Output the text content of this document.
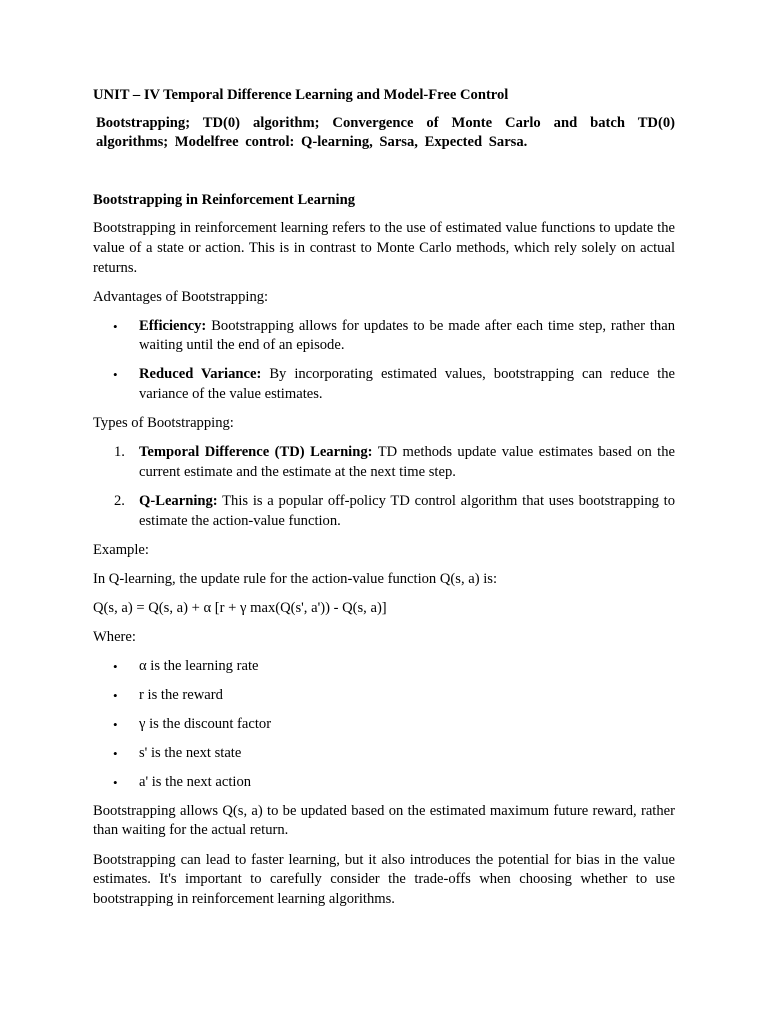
UNIT – IV Temporal Difference Learning and Model-Free Control

Bootstrapping; TD(0) algorithm; Convergence of Monte Carlo and batch TD(0) algorithms; Modelfree control: Q-learning, Sarsa, Expected Sarsa.

Bootstrapping in Reinforcement Learning

Bootstrapping in reinforcement learning refers to the use of estimated value functions to update the value of a state or action. This is in contrast to Monte Carlo methods, which rely solely on actual returns.

Advantages of Bootstrapping:

• Efficiency: Bootstrapping allows for updates to be made after each time step, rather than waiting until the end of an episode.

• Reduced Variance: By incorporating estimated values, bootstrapping can reduce the variance of the value estimates.

Types of Bootstrapping:

1. Temporal Difference (TD) Learning: TD methods update value estimates based on the current estimate and the estimate at the next time step.

2. Q-Learning: This is a popular off-policy TD control algorithm that uses bootstrapping to estimate the action-value function.

Example:

In Q-learning, the update rule for the action-value function Q(s, a) is:

Q(s, a) = Q(s, a) + α [r + γ max(Q(s', a')) - Q(s, a)]

Where:

• α is the learning rate

• r is the reward

• γ is the discount factor

• s' is the next state

• a' is the next action

Bootstrapping allows Q(s, a) to be updated based on the estimated maximum future reward, rather than waiting for the actual return.

Bootstrapping can lead to faster learning, but it also introduces the potential for bias in the value estimates. It's important to carefully consider the trade-offs when choosing whether to use bootstrapping in reinforcement learning algorithms.
